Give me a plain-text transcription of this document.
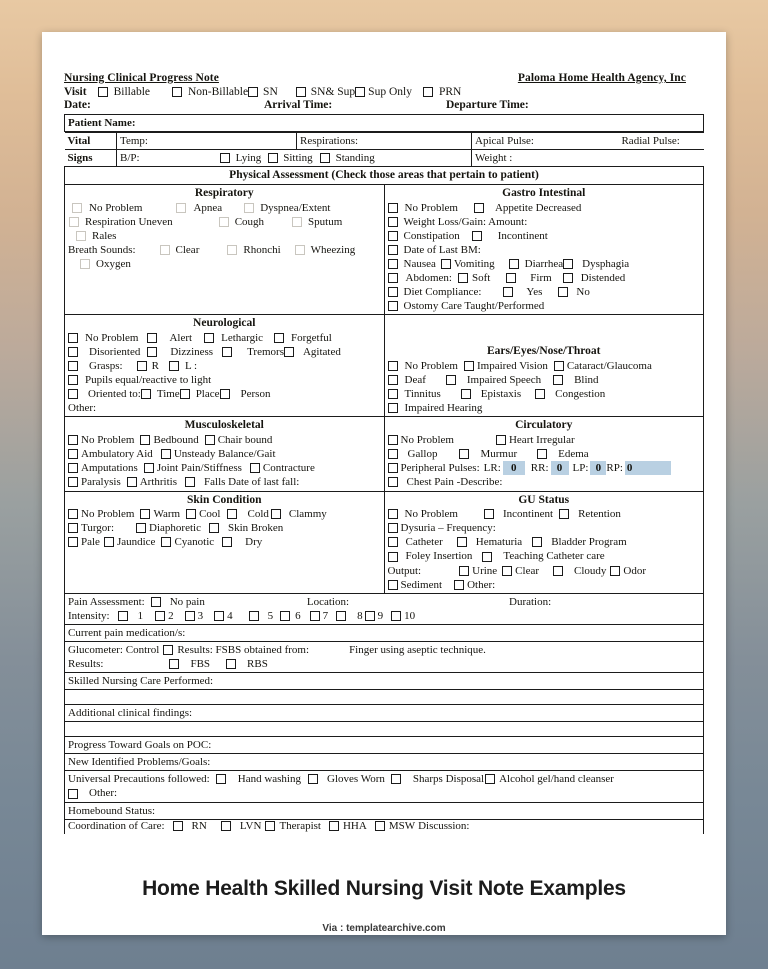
Nursing Clinical Progress Note	Paloma Home Health Agency, Inc
Visit Billable	Non-Billable SN	SN& Sup Sup Only PRN
Date:	Arrival Time:	Departure Time:
Patient Name:

Vital	Temp:	Respirations:	Apical Pulse:	Radial Pulse:
Signs	B/P:	Lying Sitting Standing	Weight :

Physical Assessment (Check those areas that pertain to patient)

Respiratory
No Problem	Apnea	Dyspnea/Extent
Respiration Uneven	Cough	Sputum
Rales
Breath Sounds:	Clear	Rhonchi	Wheezing
Oxygen

Gastro Intestinal
No Problem	Appetite Decreased
Weight Loss/Gain: Amount:
Constipation	Incontinent
Date of Last BM:
Nausea Vomiting	Diarrhea Dysphagia
Abdomen: Soft	Firm	Distended
Diet Compliance:	Yes	No
Ostomy Care Taught/Performed

Neurological
No Problem	Alert	Lethargic	Forgetful
Disoriented	Dizziness	Tremors Agitated
Grasps:	R L :
Pupils equal/reactive to light
Oriented to: Time Place Person
Other:

Ears/Eyes/Nose/Throat
No Problem Impaired Vision Cataract/Glaucoma
Deaf	Impaired Speech	Blind
Tinnitus	Epistaxis	Congestion
Impaired Hearing

Musculoskeletal
No Problem Bedbound Chair bound
Ambulatory Aid Unsteady Balance/Gait
Amputations Joint Pain/Stiffness Contracture
Paralysis Arthritis Falls Date of last fall:

Circulatory
No Problem	Heart Irregular
Gallop	Murmur	Edema
Peripheral Pulses: LR: 0	RR: 0 LP: 0 RP: 0
Chest Pain -Describe:

Skin Condition
No Problem Warm Cool Cold Clammy
Turgor:	Diaphoretic Skin Broken
Pale Jaundice Cyanotic	Dry

GU Status
No Problem	Incontinent Retention
Dysuria – Frequency:
Catheter	Hematuria	Bladder Program
Foley Insertion	Teaching Catheter care
Output:	Urine Clear	Cloudy Odor
Sediment Other:

Pain Assessment: No pain	Location:	Duration:
Intensity:	1 2 3 4	5 6 7	8 9 10

Current pain medication/s:

Glucometer: Control Results: FSBS obtained from:	Finger using aseptic technique.
Results:	FBS	RBS

Skilled Nursing Care Performed:

Additional clinical findings:

Progress Toward Goals on POC:
New Identified Problems/Goals:

Universal Precautions followed:	Hand washing Gloves Worn	Sharps Disposal Alcohol gel/hand cleanser
Other:

Homebound Status:

Coordination of Care: RN	LVN Therapist HHA MSW Discussion:
Home Health Skilled Nursing Visit Note Examples
Via : templatearchive.com
